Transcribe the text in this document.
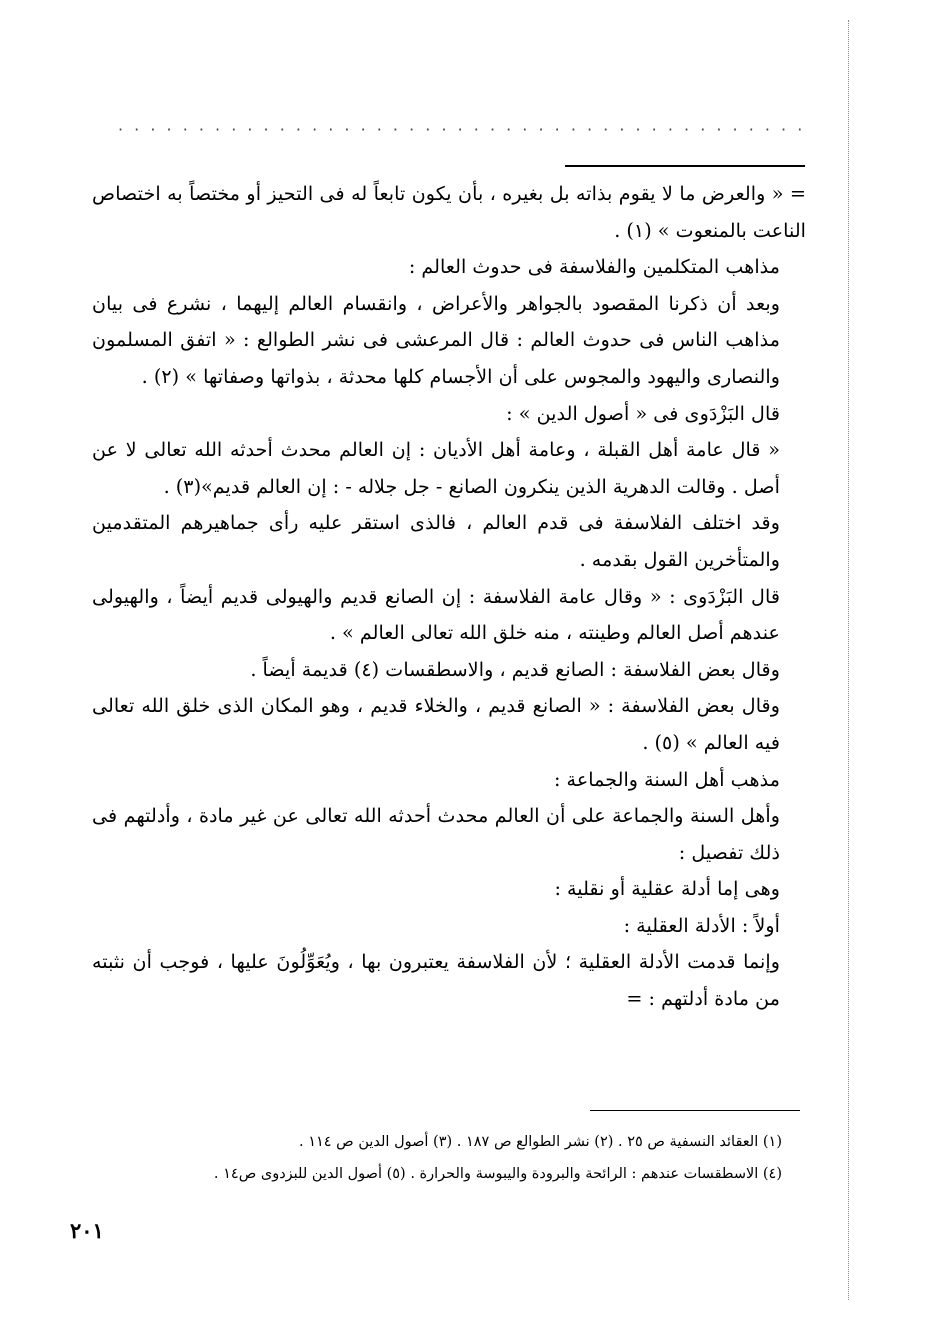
· · ·

= « والعرض ما لا يقوم بذاته بل بغيره ، بأن يكون تابعاً له فى التحيز أو مختصاً به اختصاص الناعت بالمنعوت » (١) .

مذاهب المتكلمين والفلاسفة فى حدوث العالم :

وبعد أن ذكرنا المقصود بالجواهر والأعراض ، وانقسام العالم إليهما ، نشرع فى بيان مذاهب الناس فى حدوث العالم : قال المرعشى فى نشر الطوالع : « اتفق المسلمون والنصارى واليهود والمجوس على أن الأجسام كلها محدثة ، بذواتها وصفاتها » (٢) .

قال البَزْدَوى فى « أصول الدين » :

« قال عامة أهل القبلة ، وعامة أهل الأديان : إن العالم محدث أحدثه الله تعالى لا عن أصل . وقالت الدهرية الذين ينكرون الصانع - جل جلاله - : إن العالم قديم»(٣) .

وقد اختلف الفلاسفة فى قدم العالم ، فالذى استقر عليه رأى جماهيرهم المتقدمين والمتأخرين القول بقدمه .

قال البَزْدَوى : « وقال عامة الفلاسفة : إن الصانع قديم والهيولى قديم أيضاً ، والهيولى عندهم أصل العالم وطينته ، منه خلق الله تعالى العالم » .

وقال بعض الفلاسفة : الصانع قديم ، والاسطقسات (٤) قديمة أيضاً .

وقال بعض الفلاسفة : « الصانع قديم ، والخلاء قديم ، وهو المكان الذى خلق الله تعالى فيه العالم » (٥) .

مذهب أهل السنة والجماعة :

وأهل السنة والجماعة على أن العالم محدث أحدثه الله تعالى عن غير مادة ، وأدلتهم فى ذلك تفصيل :

وهى إما أدلة عقلية أو نقلية :

أولاً : الأدلة العقلية :

وإنما قدمت الأدلة العقلية ؛ لأن الفلاسفة يعتبرون بها ، ويُعَوِّلُونَ عليها ، فوجب أن نثبته من مادة أدلتهم : =

(١) العقائد النسفية ص ٢٥ . (٢) نشر الطوالع ص ١٨٧ . (٣) أصول الدين ص ١١٤ .

(٤) الاسطقسات عندهم : الرائحة والبرودة واليبوسة والحرارة . (٥) أصول الدين للبزدوى ص١٤ .

٢٠١
